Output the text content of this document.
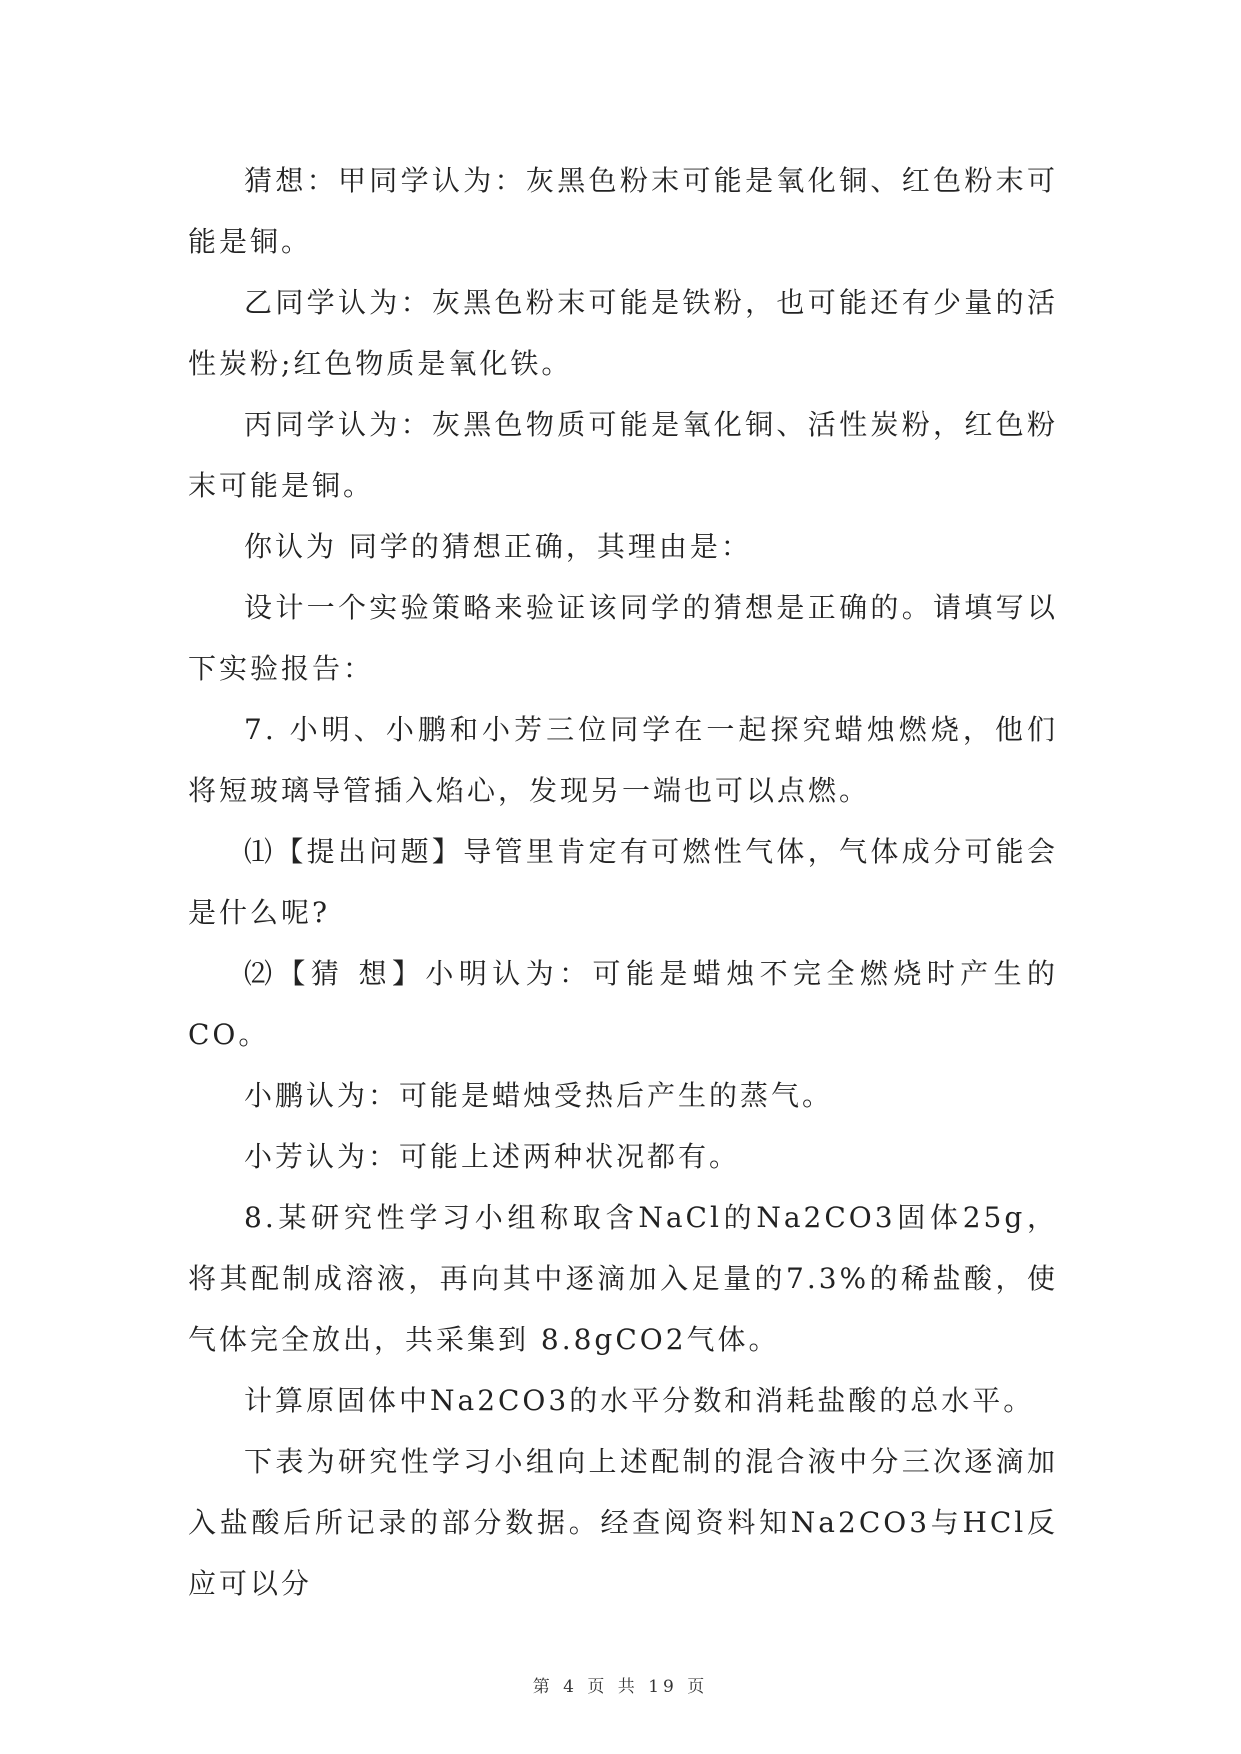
猜想：甲同学认为：灰黑色粉末可能是氧化铜、红色粉末可能是铜。

乙同学认为：灰黑色粉末可能是铁粉，也可能还有少量的活性炭粉;红色物质是氧化铁。

丙同学认为：灰黑色物质可能是氧化铜、活性炭粉，红色粉末可能是铜。

你认为 同学的猜想正确，其理由是：

设计一个实验策略来验证该同学的猜想是正确的。请填写以下实验报告：

7. 小明、小鹏和小芳三位同学在一起探究蜡烛燃烧，他们将短玻璃导管插入焰心，发现另一端也可以点燃。

⑴【提出问题】导管里肯定有可燃性气体，气体成分可能会是什么呢?

⑵【猜 想】小明认为：可能是蜡烛不完全燃烧时产生的CO。

小鹏认为：可能是蜡烛受热后产生的蒸气。

小芳认为：可能上述两种状况都有。

8.某研究性学习小组称取含NaCl的Na2CO3固体25g，将其配制成溶液，再向其中逐滴加入足量的7.3%的稀盐酸，使气体完全放出，共采集到 8.8gCO2气体。

计算原固体中Na2CO3的水平分数和消耗盐酸的总水平。

下表为研究性学习小组向上述配制的混合液中分三次逐滴加入盐酸后所记录的部分数据。经查阅资料知Na2CO3与HCl反应可以分

第 4 页 共 19 页
